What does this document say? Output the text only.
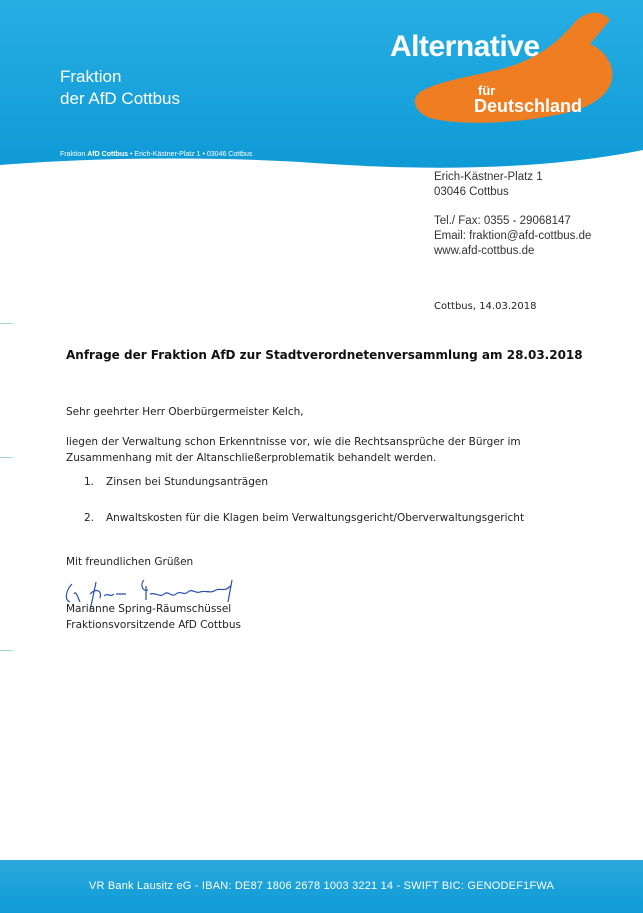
Fraktion
der AfD Cottbus
Fraktion AfD Cottbus • Erich-Kästner-Platz 1 • 03046 Cottbus
Alternative
für
Deutschland
Erich-Kästner-Platz 1
03046 Cottbus
Tel./ Fax: 0355 - 29068147
Email: fraktion@afd-cottbus.de
www.afd-cottbus.de
Cottbus, 14.03.2018
Anfrage der Fraktion AfD zur Stadtverordnetenversammlung am 28.03.2018
Sehr geehrter Herr Oberbürgermeister Kelch,
liegen der Verwaltung schon Erkenntnisse vor, wie die Rechtsansprüche der Bürger im
Zusammenhang mit der Altanschließerproblematik behandelt werden.
1. Zinsen bei Stundungsanträgen
2. Anwaltskosten für die Klagen beim Verwaltungsgericht/Oberverwaltungsgericht
Mit freundlichen Grüßen
Marianne Spring-Räumschüssel
Fraktionsvorsitzende AfD Cottbus
VR Bank Lausitz eG - IBAN: DE87 1806 2678 1003 3221 14 - SWIFT BIC: GENODEF1FWA
